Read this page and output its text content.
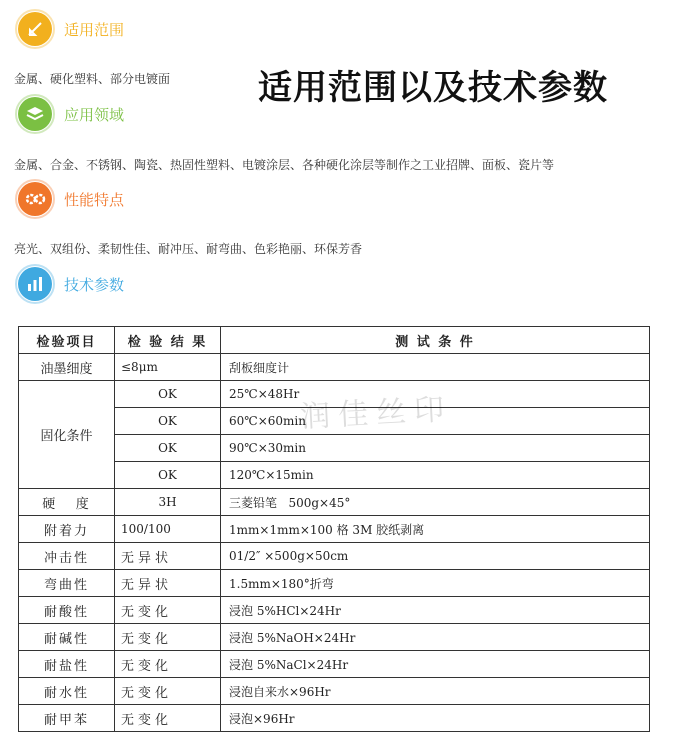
适用范围
金属、硬化塑料、部分电镀面	适用范围以及技术参数
应用领域
金属、合金、不锈钢、陶瓷、热固性塑料、电镀涂层、各种硬化涂层等制作之工业招牌、面板、瓷片等
性能特点
亮光、双组份、柔韧性佳、耐冲压、耐弯曲、色彩艳丽、环保芳香
技术参数
检验项目	检 验 结 果	测 试 条 件
油墨细度	≤8μm	刮板细度计
固化条件	OK	25℃×48Hr
	OK	60℃×60min
	OK	90℃×30min
	OK	120℃×15min
硬   度	3H	三菱铅笔   500g×45°
附着力	100/100	1mm×1mm×100 格 3M 胶纸剥离
冲击性	无异状	01/2″ ×500g×50cm
弯曲性	无异状	1.5mm×180°折弯
耐酸性	无变化	浸泡 5%HCl×24Hr
耐碱性	无变化	浸泡 5%NaOH×24Hr
耐盐性	无变化	浸泡 5%NaCl×24Hr
耐水性	无变化	浸泡自来水×96Hr
耐甲苯	无变化	浸泡×96Hr
润佳丝印
